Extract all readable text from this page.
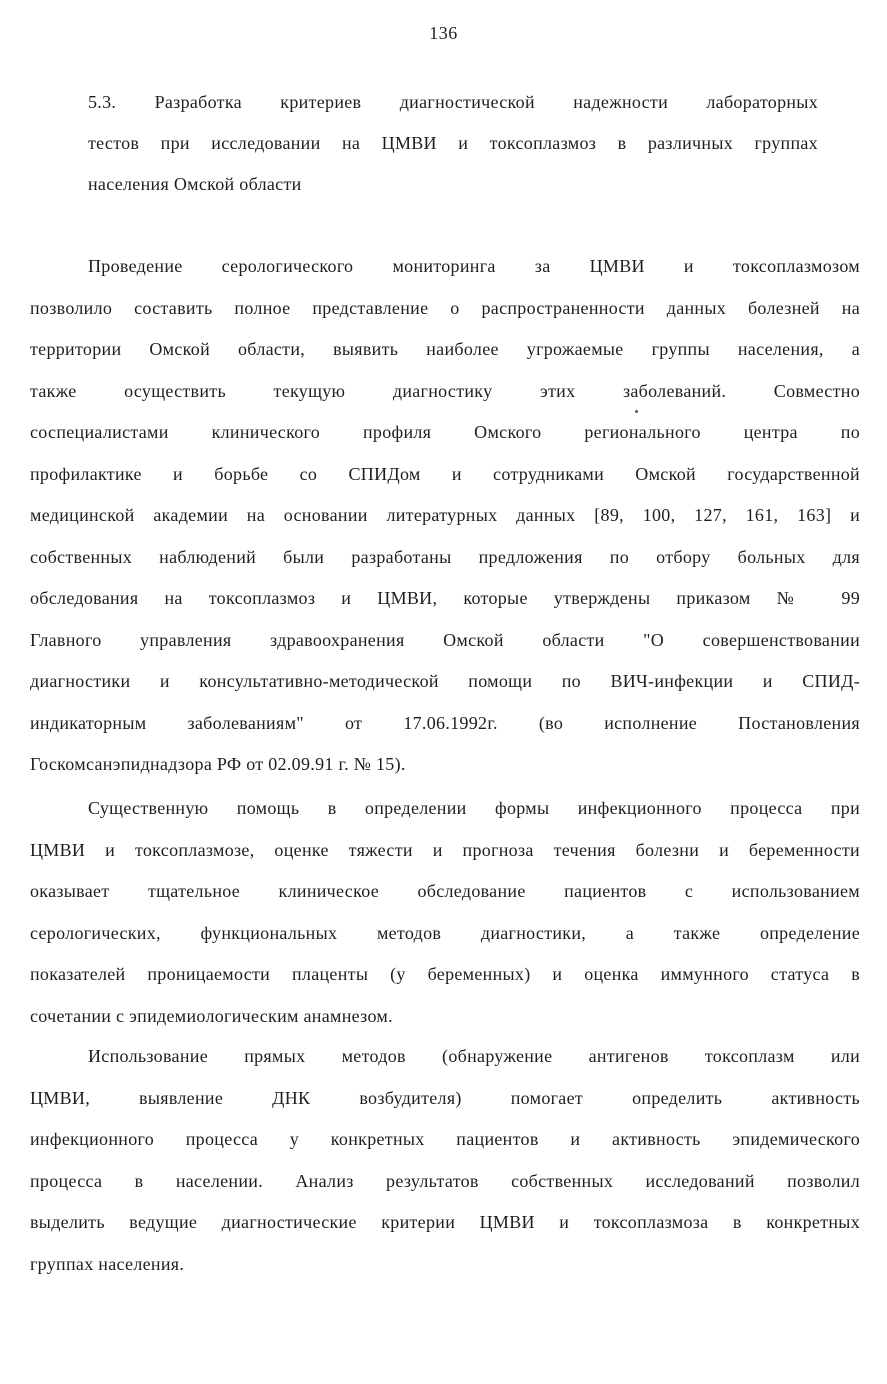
136
5.3. Разработка критериев диагностической надежности лабораторных
тестов при исследовании на ЦМВИ и токсоплазмоз в различных группах
населения Омской области
Проведение серологического мониторинга за ЦМВИ и токсоплазмозом
позволило составить полное представление о распространенности данных болезней на
территории Омской области, выявить наиболее угрожаемые группы населения, а
также осуществить текущую диагностику этих заболеваний. Совместно
соспециалистами клинического профиля Омского регионального центра по
профилактике и борьбе со СПИДом и сотрудниками Омской государственной
медицинской академии на основании литературных данных [89, 100, 127, 161, 163] и
собственных наблюдений были разработаны предложения по отбору больных для
обследования на токсоплазмоз и ЦМВИ, которые утверждены приказом № 99
Главного управления здравоохранения Омской области "О совершенствовании
диагностики и консультативно-методической помощи по ВИЧ-инфекции и СПИД-
индикаторным заболеваниям" от 17.06.1992г. (во исполнение Постановления
Госкомсанэпиднадзора РФ от 02.09.91 г. № 15).
Существенную помощь в определении формы инфекционного процесса при
ЦМВИ и токсоплазмозе, оценке тяжести и прогноза течения болезни и беременности
оказывает тщательное клиническое обследование пациентов с использованием
серологических, функциональных методов диагностики, а также определение
показателей проницаемости плаценты (у беременных) и оценка иммунного статуса в
сочетании с эпидемиологическим анамнезом.
Использование прямых методов (обнаружение антигенов токсоплазм или
ЦМВИ, выявление ДНК возбудителя) помогает определить активность
инфекционного процесса у конкретных пациентов и активность эпидемического
процесса в населении. Анализ результатов собственных исследований позволил
выделить ведущие диагностические критерии ЦМВИ и токсоплазмоза в конкретных
группах населения.
